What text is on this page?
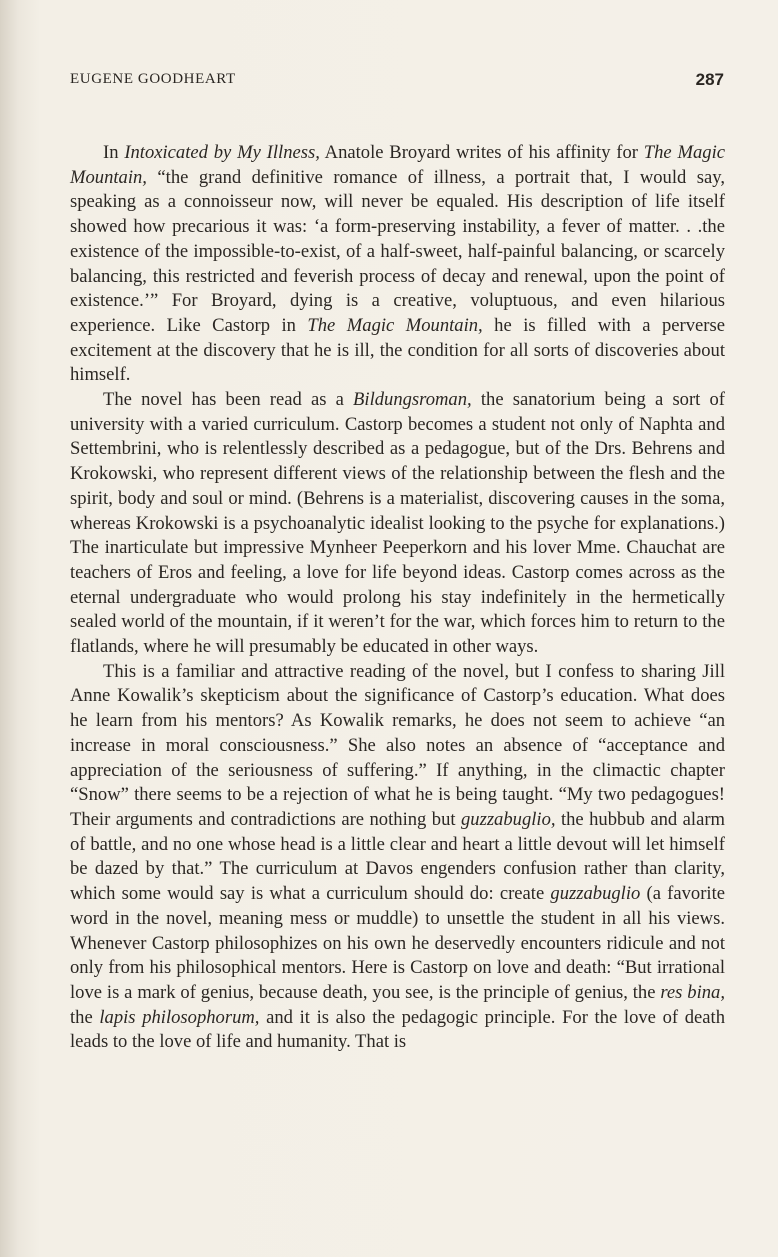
EUGENE GOODHEART	287

In Intoxicated by My Illness, Anatole Broyard writes of his affinity for The Magic Mountain, “the grand definitive romance of illness, a portrait that, I would say, speaking as a connoisseur now, will never be equaled. His description of life itself showed how precarious it was: ‘a form-preserving instability, a fever of matter. . .the existence of the impossible-to-exist, of a half-sweet, half-painful balancing, or scarcely balancing, this restricted and feverish process of decay and renewal, upon the point of existence.’” For Broyard, dying is a creative, voluptuous, and even hilarious experience. Like Castorp in The Magic Mountain, he is filled with a perverse excitement at the discovery that he is ill, the condition for all sorts of discoveries about himself.

The novel has been read as a Bildungsroman, the sanatorium being a sort of university with a varied curriculum. Castorp becomes a student not only of Naphta and Settembrini, who is relentlessly described as a pedagogue, but of the Drs. Behrens and Krokowski, who represent different views of the relationship between the flesh and the spirit, body and soul or mind. (Behrens is a materialist, discovering causes in the soma, whereas Krokowski is a psychoanalytic idealist looking to the psyche for explanations.) The inarticulate but impressive Mynheer Peeperkorn and his lover Mme. Chauchat are teachers of Eros and feeling, a love for life beyond ideas. Castorp comes across as the eternal undergraduate who would prolong his stay indefinitely in the hermetically sealed world of the mountain, if it weren’t for the war, which forces him to return to the flatlands, where he will presumably be educated in other ways.

This is a familiar and attractive reading of the novel, but I confess to sharing Jill Anne Kowalik’s skepticism about the significance of Castorp’s education. What does he learn from his mentors? As Kowalik remarks, he does not seem to achieve “an increase in moral consciousness.” She also notes an absence of “acceptance and appreciation of the seriousness of suffering.” If anything, in the climactic chapter “Snow” there seems to be a rejection of what he is being taught. “My two pedagogues! Their arguments and contradictions are nothing but guzzabuglio, the hubbub and alarm of battle, and no one whose head is a little clear and heart a little devout will let himself be dazed by that.” The curriculum at Davos engenders confusion rather than clarity, which some would say is what a curriculum should do: create guzzabuglio (a favorite word in the novel, meaning mess or muddle) to unsettle the student in all his views. Whenever Castorp philosophizes on his own he deservedly encounters ridicule and not only from his philosophical mentors. Here is Castorp on love and death: “But irrational love is a mark of genius, because death, you see, is the principle of genius, the res bina, the lapis philosophorum, and it is also the pedagogic principle. For the love of death leads to the love of life and humanity. That is
